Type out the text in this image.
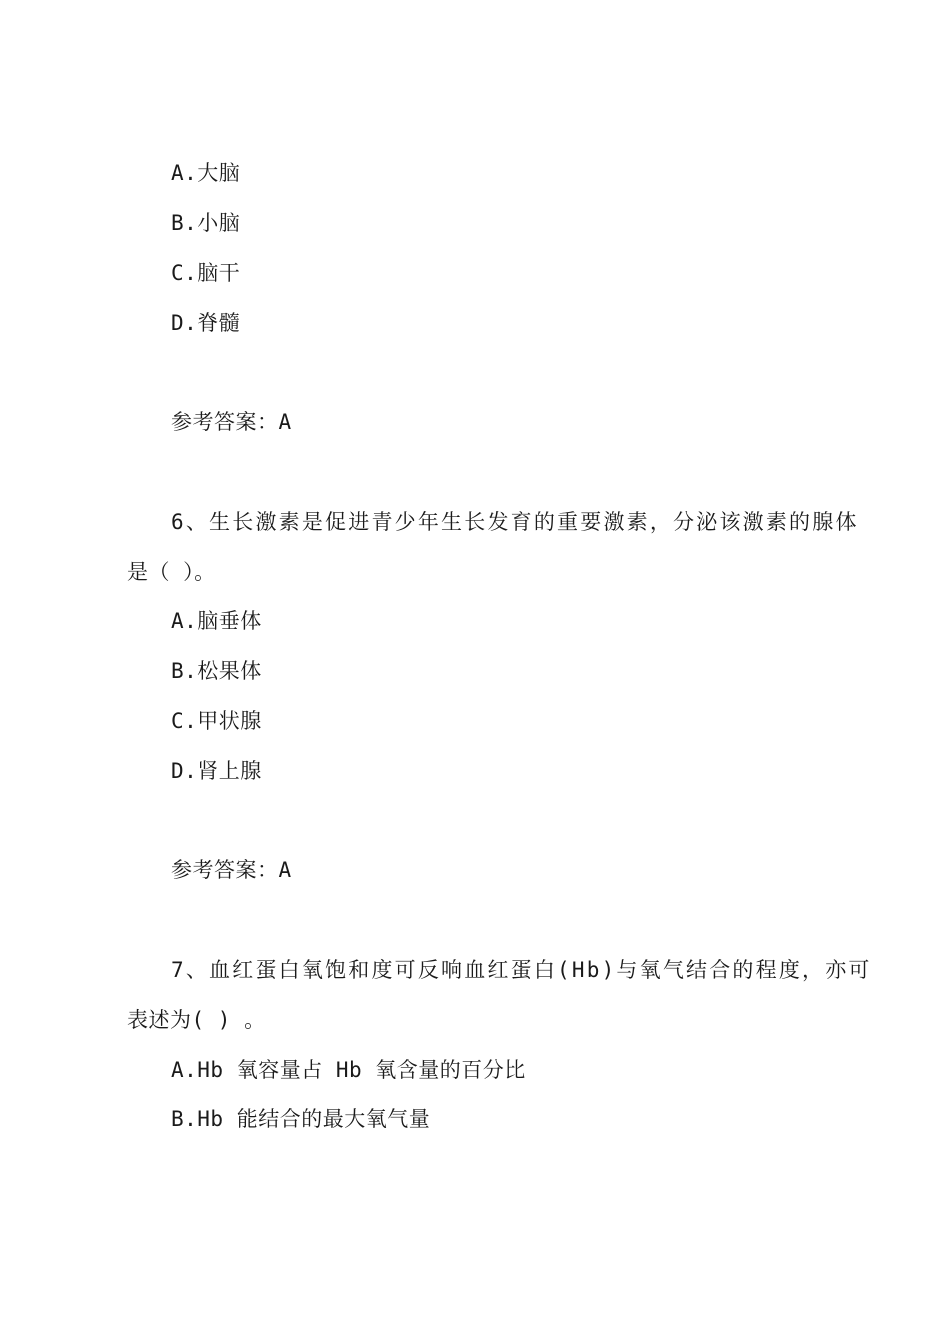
A.大脑
B.小脑
C.脑干
D.脊髓
参考答案：A
6、生长激素是促进青少年生长发育的重要激素，分泌该激素的腺体
是（ ）。
A.脑垂体
B.松果体
C.甲状腺
D.肾上腺
参考答案：A
7、血红蛋白氧饱和度可反响血红蛋白(Hb)与氧气结合的程度，亦可
表述为( ) 。
A.Hb 氧容量占 Hb 氧含量的百分比
B.Hb 能结合的最大氧气量
